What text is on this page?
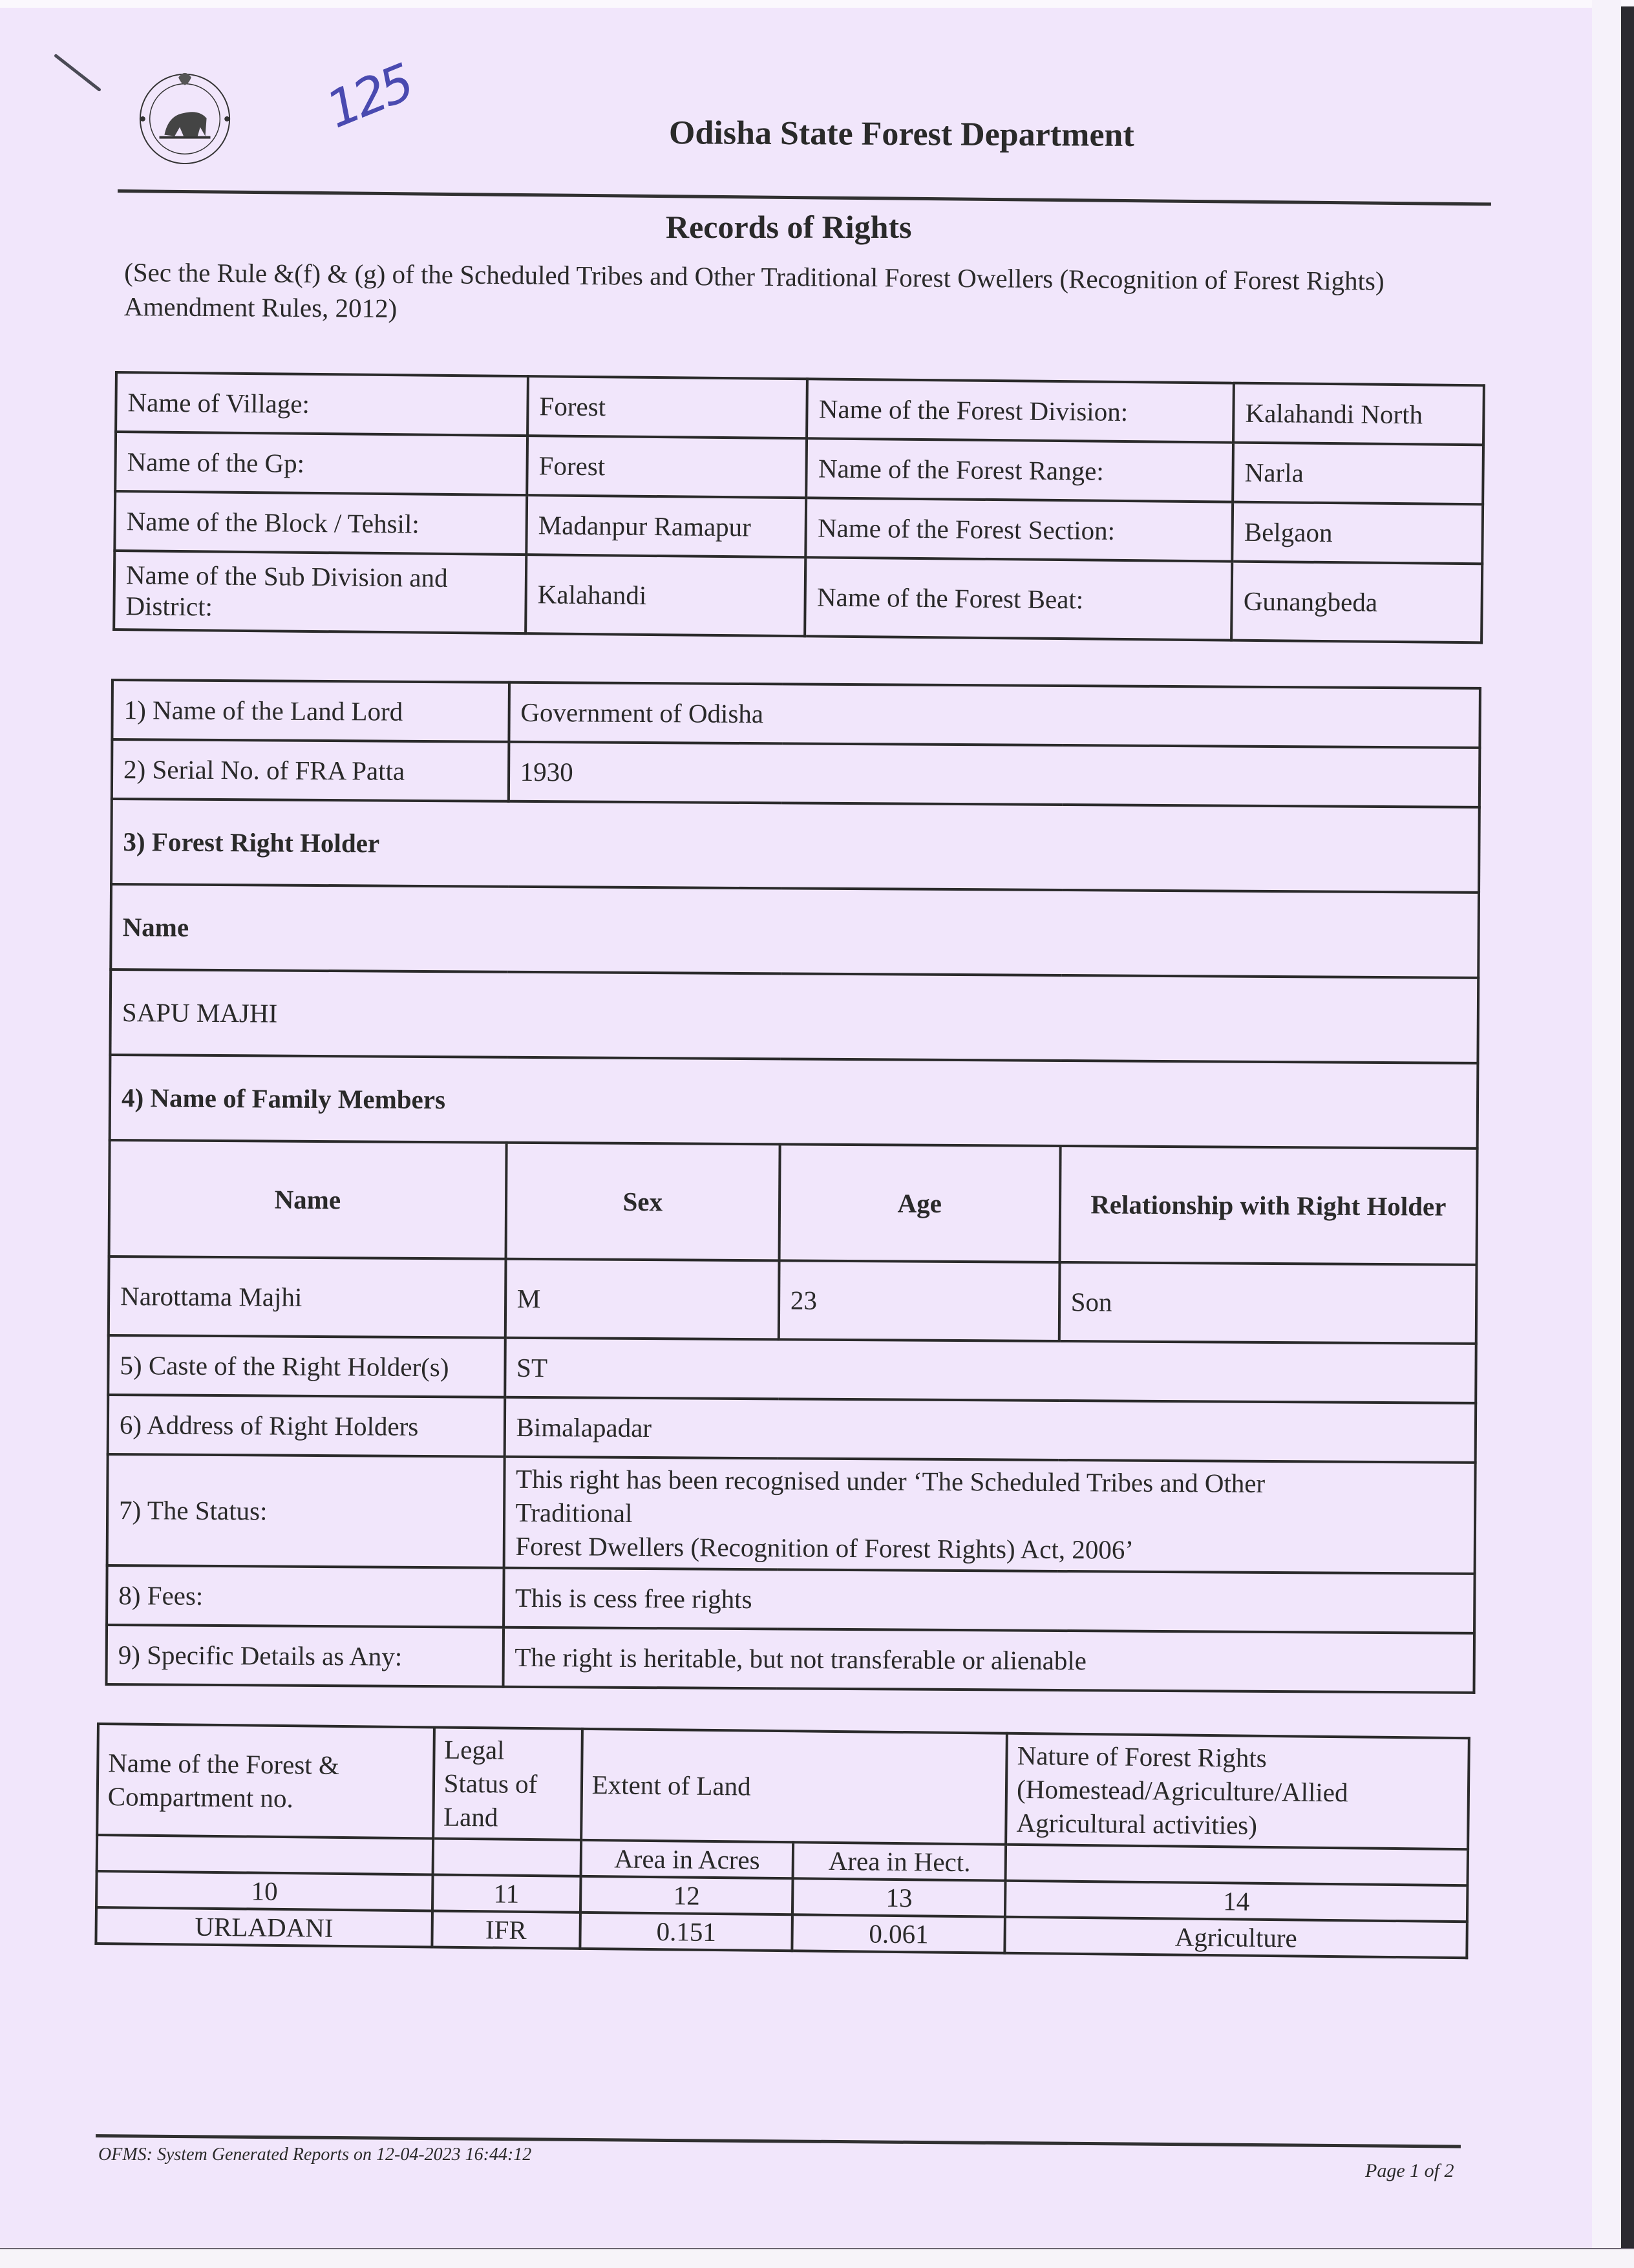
125	Odisha State Forest Department
Records of Rights
(Sec the Rule &(f) & (g) of the Scheduled Tribes and Other Traditional Forest Owellers (Recognition of Forest Rights) Amendment Rules, 2012)
Name of Village:	Forest	Name of the Forest Division:	Kalahandi North
Name of the Gp:	Forest	Name of the Forest Range:	Narla
Name of the Block / Tehsil:	Madanpur Ramapur	Name of the Forest Section:	Belgaon
Name of the Sub Division and District:	Kalahandi	Name of the Forest Beat:	Gunangbeda
1) Name of the Land Lord	Government of Odisha		
2) Serial No. of FRA Patta	1930		
3) Forest Right Holder			
Name			
SAPU MAJHI			
4) Name of Family Members			
Name	Sex	Age	Relationship with Right Holder
Narottama Majhi	M	23	Son
5) Caste of the Right Holder(s)	ST		
6) Address of Right Holders	Bimalapadar		
7) The Status:	This right has been recognised under ‘The Scheduled Tribes and Other
Traditional
Forest Dwellers (Recognition of Forest Rights) Act, 2006’		

8) Fees:	This is cess free rights		
9) Specific Details as Any:	The right is heritable, but not transferable or alienable		
Name of the Forest & Compartment no.	Legal Status of Land	Extent of Land		Nature of Forest Rights (Homestead/Agriculture/Allied Agricultural activities)
		Area in Acres	Area in Hect.	
10	11	12	13	14
URLADANI	IFR	0.151	0.061	Agriculture
OFMS: System Generated Reports on 12-04-2023 16:44:12
Page 1 of 2
